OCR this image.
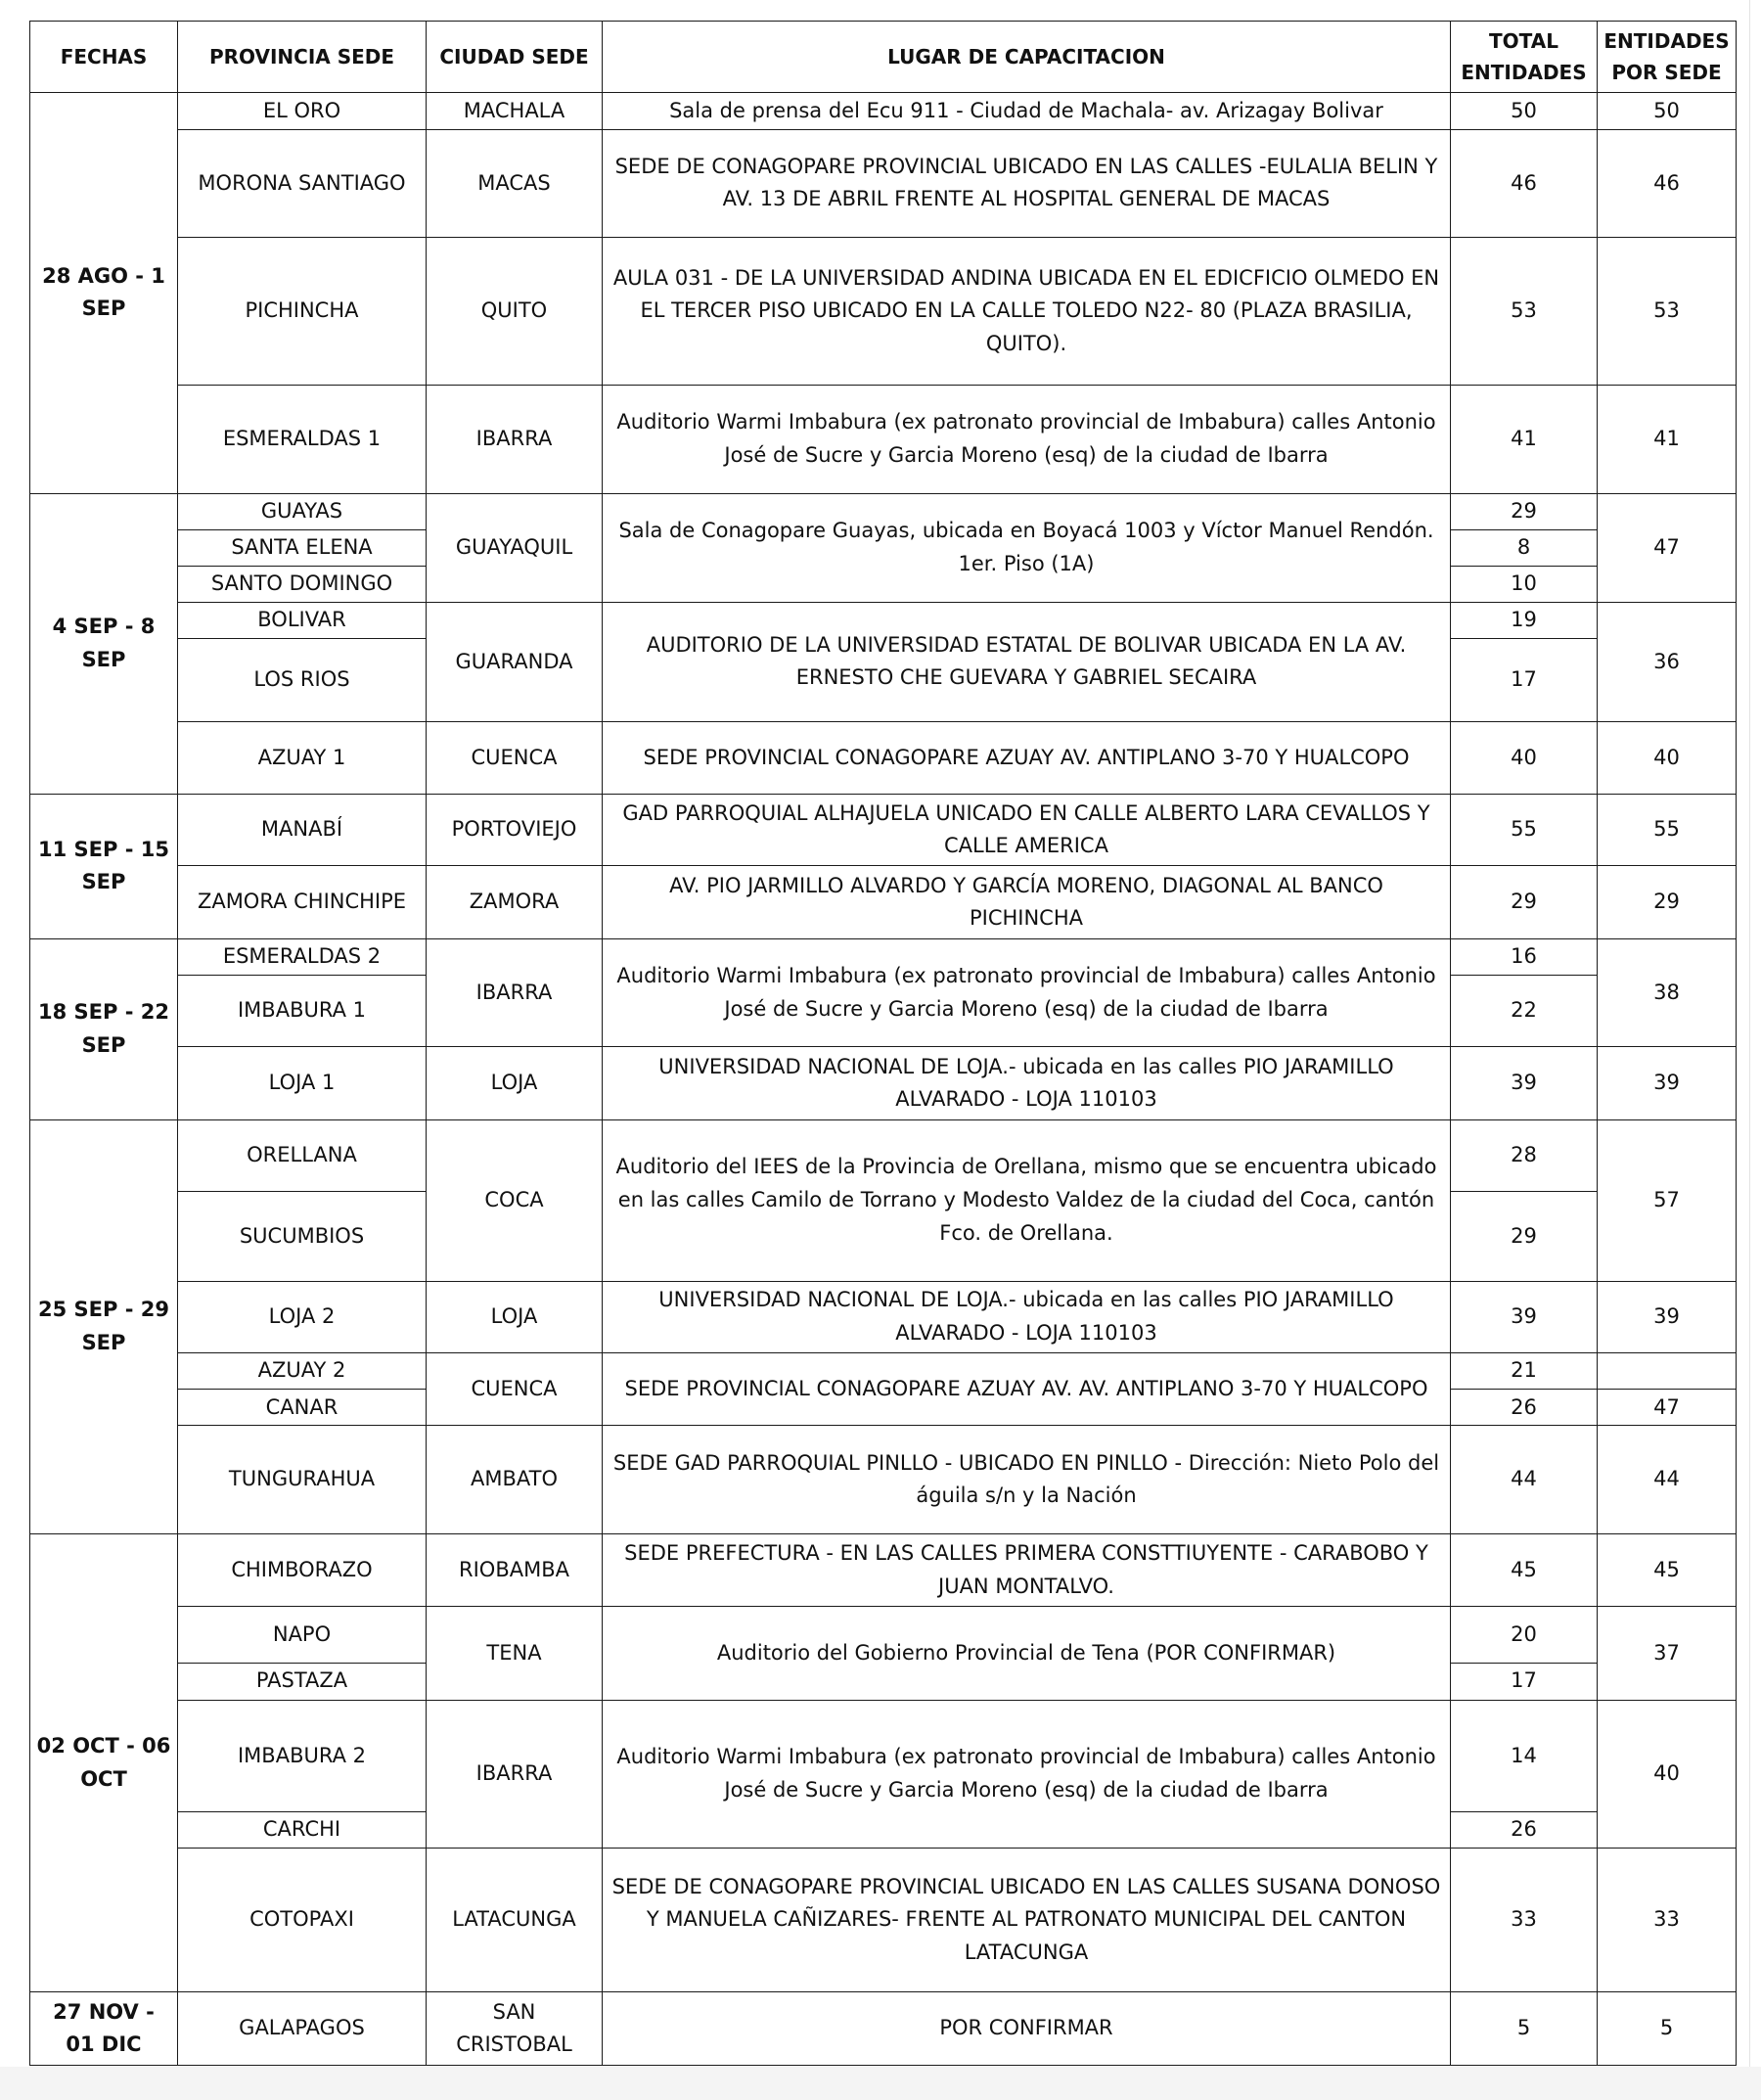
FECHAS	PROVINCIA SEDE	CIUDAD SEDE	LUGAR DE CAPACITACION	TOTAL ENTIDADES	ENTIDADES POR SEDE
28 AGO - 1 SEP	EL ORO	MACHALA	Sala de prensa del Ecu 911 - Ciudad de Machala- av. Arizagay Bolivar	50	50
	MORONA SANTIAGO	MACAS	SEDE DE CONAGOPARE PROVINCIAL UBICADO EN LAS CALLES -EULALIA BELIN Y AV. 13 DE ABRIL FRENTE AL HOSPITAL GENERAL DE MACAS	46	46
	PICHINCHA	QUITO	AULA 031 - DE LA UNIVERSIDAD ANDINA UBICADA EN EL EDICFICIO OLMEDO EN EL TERCER PISO UBICADO EN LA CALLE TOLEDO N22- 80 (PLAZA BRASILIA, QUITO).	53	53
	ESMERALDAS 1	IBARRA	Auditorio Warmi Imbabura (ex patronato provincial de Imbabura) calles Antonio José de Sucre y Garcia Moreno (esq) de la ciudad de Ibarra	41	41
4 SEP - 8 SEP	GUAYAS	GUAYAQUIL	Sala de Conagopare Guayas, ubicada en Boyacá 1003 y Víctor Manuel Rendón. 1er. Piso (1A)	29	47
	SANTA ELENA			8	
	SANTO DOMINGO			10	
	BOLIVAR	GUARANDA	AUDITORIO DE LA UNIVERSIDAD ESTATAL DE BOLIVAR UBICADA EN LA AV. ERNESTO CHE GUEVARA Y GABRIEL SECAIRA	19	36
	LOS RIOS			17	
	AZUAY 1	CUENCA	SEDE PROVINCIAL CONAGOPARE AZUAY AV. ANTIPLANO 3-70 Y HUALCOPO	40	40
11 SEP - 15 SEP	MANABÍ	PORTOVIEJO	GAD PARROQUIAL ALHAJUELA UNICADO EN CALLE ALBERTO LARA CEVALLOS Y CALLE AMERICA	55	55
	ZAMORA CHINCHIPE	ZAMORA	AV. PIO JARMILLO ALVARDO Y GARCÍA MORENO, DIAGONAL AL BANCO PICHINCHA	29	29
18 SEP - 22 SEP	ESMERALDAS 2	IBARRA	Auditorio Warmi Imbabura (ex patronato provincial de Imbabura) calles Antonio José de Sucre y Garcia Moreno (esq) de la ciudad de Ibarra	16	38
	IMBABURA 1			22	
	LOJA 1	LOJA	UNIVERSIDAD NACIONAL DE LOJA.- ubicada en las calles PIO JARAMILLO ALVARADO - LOJA 110103	39	39
25 SEP - 29 SEP	ORELLANA	COCA	Auditorio del IEES de la Provincia de Orellana, mismo que se encuentra ubicado en las calles Camilo de Torrano y Modesto Valdez de la ciudad del Coca, cantón Fco. de Orellana.	28	57
	SUCUMBIOS			29	
	LOJA 2	LOJA	UNIVERSIDAD NACIONAL DE LOJA.- ubicada en las calles PIO JARAMILLO ALVARADO - LOJA 110103	39	39
	AZUAY 2	CUENCA	SEDE PROVINCIAL CONAGOPARE AZUAY AV. AV. ANTIPLANO 3-70 Y HUALCOPO	21	
	CANAR			26	47
	TUNGURAHUA	AMBATO	SEDE GAD PARROQUIAL PINLLO - UBICADO EN PINLLO - Dirección: Nieto Polo del águila s/n y la Nación	44	44
02 OCT - 06 OCT	CHIMBORAZO	RIOBAMBA	SEDE PREFECTURA - EN LAS CALLES PRIMERA CONSTTIUYENTE - CARABOBO Y JUAN MONTALVO.	45	45
	NAPO	TENA	Auditorio del Gobierno Provincial de Tena (POR CONFIRMAR)	20	37
	PASTAZA			17	
	IMBABURA 2	IBARRA	Auditorio Warmi Imbabura (ex patronato provincial de Imbabura) calles Antonio José de Sucre y Garcia Moreno (esq) de la ciudad de Ibarra	14	40
	CARCHI			26	
	COTOPAXI	LATACUNGA	SEDE DE CONAGOPARE PROVINCIAL UBICADO EN LAS CALLES SUSANA DONOSO Y MANUELA CAÑIZARES- FRENTE AL PATRONATO MUNICIPAL DEL CANTON LATACUNGA	33	33
27 NOV - 01 DIC	GALAPAGOS	SAN CRISTOBAL	POR CONFIRMAR	5	5
